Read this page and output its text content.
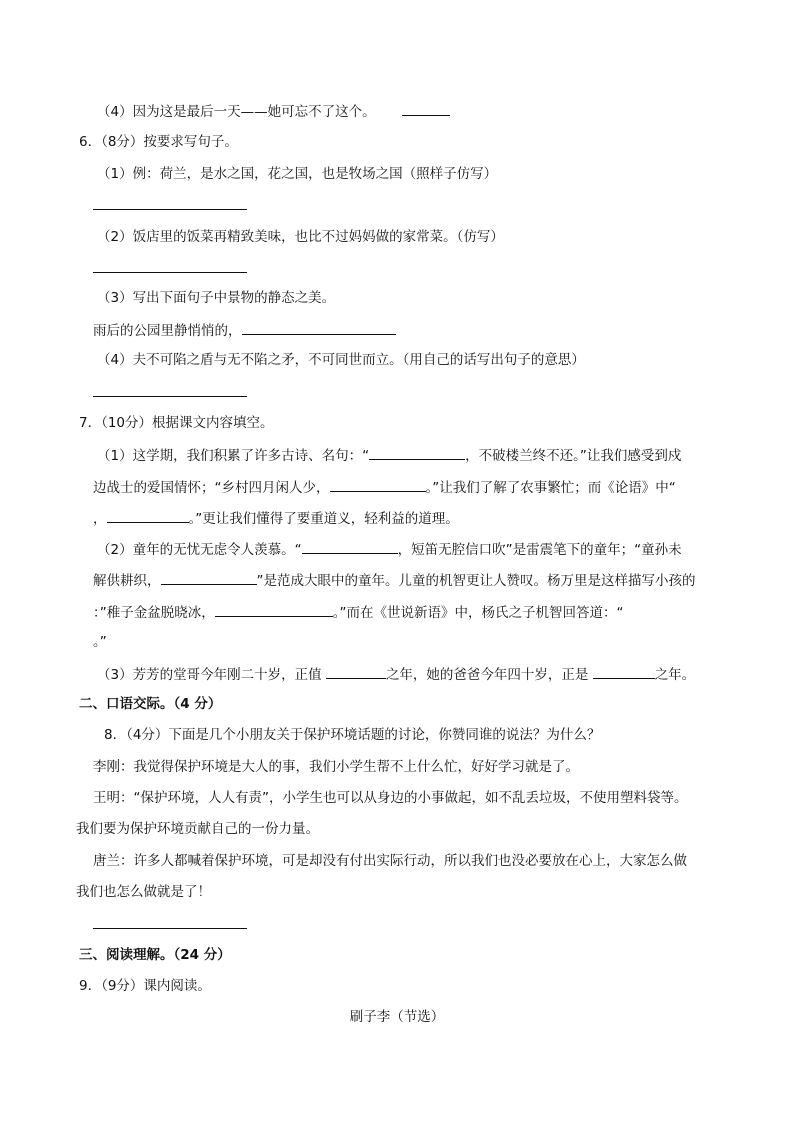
（4）因为这是最后一天——她可忘不了这个。
6．（8分）按要求写句子。
（1）例：荷兰，是水之国，花之国，也是牧场之国（照样子仿写）
（2）饭店里的饭菜再精致美味，也比不过妈妈做的家常菜。（仿写）
（3）写出下面句子中景物的静态之美。
雨后的公园里静悄悄的，
（4）夫不可陷之盾与无不陷之矛，不可同世而立。（用自己的话写出句子的意思）
7．（10分）根据课文内容填空。
（1）这学期，我们积累了许多古诗、名句：“	，不破楼兰终不还。”让我们感受到戍
边战士的爱国情怀；“乡村四月闲人少，	。”让我们了解了农事繁忙；而《论语》中“
，	。”更让我们懂得了要重道义，轻利益的道理。
（2）童年的无忧无虑令人羡慕。“	，短笛无腔信口吹”是雷震笔下的童年；“童孙未
解供耕织，	”是范成大眼中的童年。儿童的机智更让人赞叹。杨万里是这样描写小孩的
：”稚子金盆脱晓冰，	。”而在《世说新语》中，杨氏之子机智回答道：“
。”
（3）芳芳的堂哥今年刚二十岁，正值	之年，她的爸爸今年四十岁，正是	之年。
二、口语交际。（4 分）
8．（4分）下面是几个小朋友关于保护环境话题的讨论，你赞同谁的说法？为什么？
李刚：我觉得保护环境是大人的事，我们小学生帮不上什么忙，好好学习就是了。
王明：“保护环境，人人有责”，小学生也可以从身边的小事做起，如不乱丢垃圾，不使用塑料袋等。
我们要为保护环境贡献自己的一份力量。
唐兰：许多人都喊着保护环境，可是却没有付出实际行动，所以我们也没必要放在心上，大家怎么做
我们也怎么做就是了！
三、阅读理解。（24 分）
9．（9分）课内阅读。
刷子李（节选）
